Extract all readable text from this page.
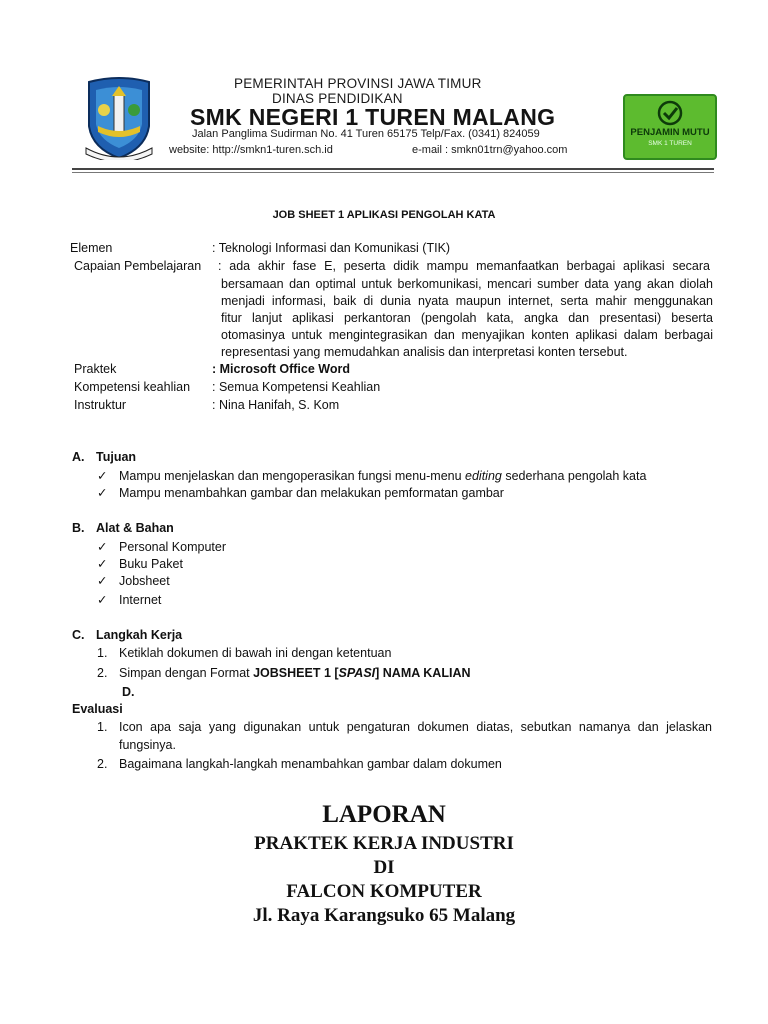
PEMERINTAH PROVINSI JAWA TIMUR
DINAS PENDIDIKAN
SMK NEGERI 1 TUREN MALANG
Jalan Panglima Sudirman No. 41 Turen 65175 Telp/Fax. (0341) 824059
website: http://smkn1-turen.sch.id	e-mail : smkn01trn@yahoo.com
PENJAMIN MUTU
SMK 1 TUREN
JOB SHEET 1 APLIKASI PENGOLAH KATA
Elemen	: Teknologi Informasi dan Komunikasi (TIK)
Capaian Pembelajaran : ada akhir fase E, peserta didik mampu memanfaatkan berbagai aplikasi secara
bersamaan dan optimal untuk berkomunikasi, mencari sumber data yang akan diolah
menjadi informasi, baik di dunia nyata maupun internet, serta mahir menggunakan
fitur lanjut aplikasi perkantoran (pengolah kata, angka dan presentasi) beserta
otomasinya untuk mengintegrasikan dan menyajikan konten aplikasi dalam berbagai
representasi yang memudahkan analisis dan interpretasi konten tersebut.
Praktek	: Microsoft Office Word
Kompetensi keahlian : Semua Kompetensi Keahlian
Instruktur	: Nina Hanifah, S. Kom
A. Tujuan
✓ Mampu menjelaskan dan mengoperasikan fungsi menu-menu editing sederhana pengolah kata
✓ Mampu menambahkan gambar dan melakukan pemformatan gambar
B. Alat & Bahan
✓ Personal Komputer
✓ Buku Paket
✓ Jobsheet
✓ Internet
C. Langkah Kerja
1. Ketiklah dokumen di bawah ini dengan ketentuan
2. Simpan dengan Format JOBSHEET 1 [SPASI] NAMA KALIAN
D.
Evaluasi
1. Icon apa saja yang digunakan untuk pengaturan dokumen diatas, sebutkan namanya dan jelaskan
fungsinya.
2. Bagaimana langkah-langkah menambahkan gambar dalam dokumen
LAPORAN
PRAKTEK KERJA INDUSTRI
DI
FALCON KOMPUTER
Jl. Raya Karangsuko 65 Malang
